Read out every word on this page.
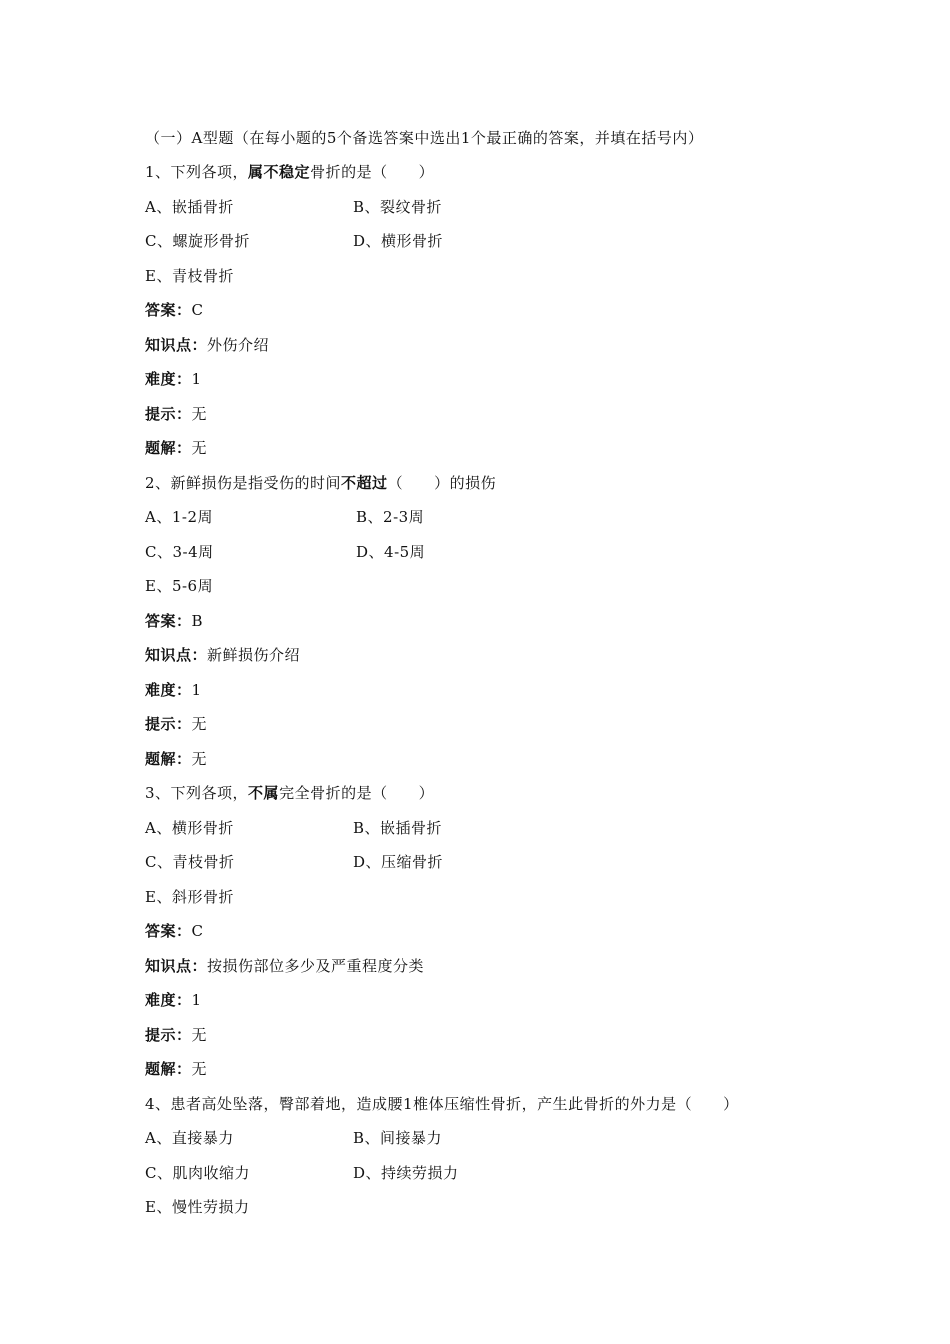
（一）A型题（在每小题的5个备选答案中选出1个最正确的答案，并填在括号内）
1、下列各项，属不稳定骨折的是（　　）
A、嵌插骨折	B、裂纹骨折
C、螺旋形骨折	D、横形骨折
E、青枝骨折
答案：C
知识点：外伤介绍
难度：1
提示：无
题解：无
2、新鲜损伤是指受伤的时间不超过（　　）的损伤
A、1-2周	B、2-3周
C、3-4周	D、4-5周
E、5-6周
答案：B
知识点：新鲜损伤介绍
难度：1
提示：无
题解：无
3、下列各项，不属完全骨折的是（　　）
A、横形骨折	B、嵌插骨折
C、青枝骨折	D、压缩骨折
E、斜形骨折
答案：C
知识点：按损伤部位多少及严重程度分类
难度：1
提示：无
题解：无
4、患者高处坠落，臀部着地，造成腰1椎体压缩性骨折，产生此骨折的外力是（　　）
A、直接暴力	B、间接暴力
C、肌肉收缩力	D、持续劳损力
E、慢性劳损力
